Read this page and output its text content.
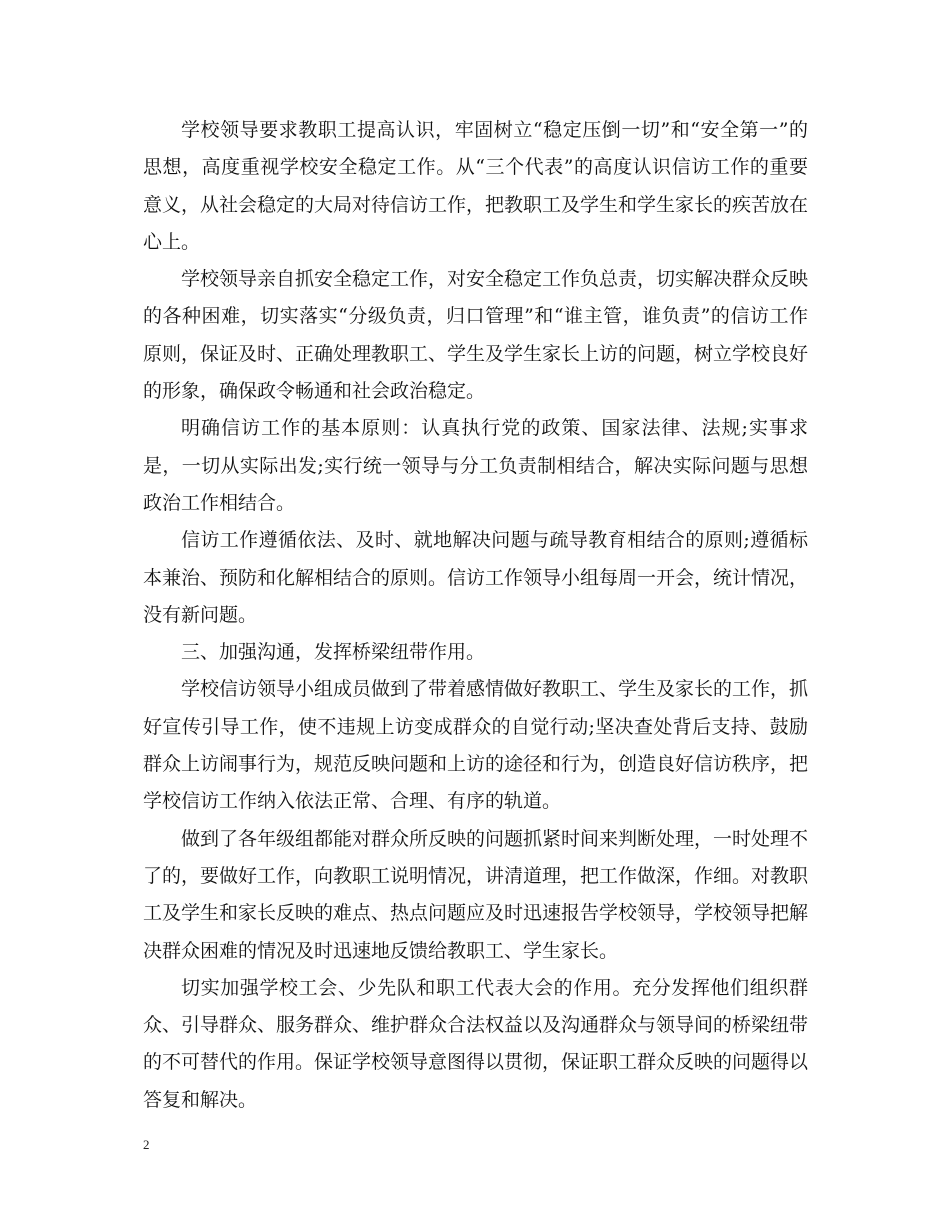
学校领导要求教职工提高认识，牢固树立“稳定压倒一切”和“安全第一”的思想，高度重视学校安全稳定工作。从“三个代表”的高度认识信访工作的重要意义，从社会稳定的大局对待信访工作，把教职工及学生和学生家长的疾苦放在心上。

学校领导亲自抓安全稳定工作，对安全稳定工作负总责，切实解决群众反映的各种困难，切实落实“分级负责，归口管理”和“谁主管，谁负责”的信访工作原则，保证及时、正确处理教职工、学生及学生家长上访的问题，树立学校良好的形象，确保政令畅通和社会政治稳定。

明确信访工作的基本原则：认真执行党的政策、国家法律、法规;实事求是，一切从实际出发;实行统一领导与分工负责制相结合，解决实际问题与思想政治工作相结合。

信访工作遵循依法、及时、就地解决问题与疏导教育相结合的原则;遵循标本兼治、预防和化解相结合的原则。信访工作领导小组每周一开会，统计情况，没有新问题。

三、加强沟通，发挥桥梁纽带作用。

学校信访领导小组成员做到了带着感情做好教职工、学生及家长的工作，抓好宣传引导工作，使不违规上访变成群众的自觉行动;坚决查处背后支持、鼓励群众上访闹事行为，规范反映问题和上访的途径和行为，创造良好信访秩序，把学校信访工作纳入依法正常、合理、有序的轨道。

做到了各年级组都能对群众所反映的问题抓紧时间来判断处理，一时处理不了的，要做好工作，向教职工说明情况，讲清道理，把工作做深，作细。对教职工及学生和家长反映的难点、热点问题应及时迅速报告学校领导，学校领导把解决群众困难的情况及时迅速地反馈给教职工、学生家长。

切实加强学校工会、少先队和职工代表大会的作用。充分发挥他们组织群众、引导群众、服务群众、维护群众合法权益以及沟通群众与领导间的桥梁纽带的不可替代的作用。保证学校领导意图得以贯彻，保证职工群众反映的问题得以答复和解决。

2
